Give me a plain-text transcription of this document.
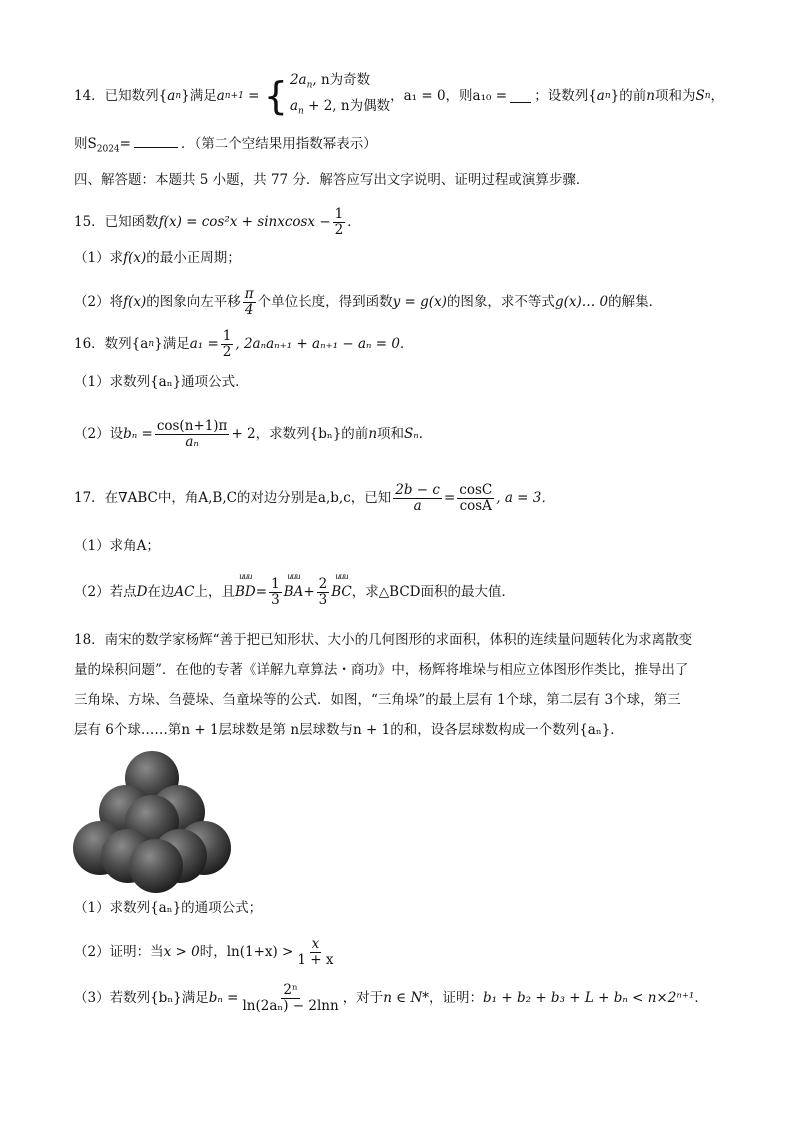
14．已知数列{ a n }满足 a n+1 = { $2a_n$, n为奇数
$a_n + 2$, n为偶数
，a₁ = 0，则a₁₀ = ；设数列{ a n }的前 n 项和为 S n ，
则$S_{2024}=$	．（第二个空结果用指数幂表示）
四、解答题：本题共 5 小题，共 77 分．解答应写出文字说明、证明过程或演算步骤．
15．已知函数 f(x) = cos²x + sinxcosx − $\frac{1}{2}$ ．
（1）求f(x)的最小正周期；
（2）将 f(x) 的图象向左平移 $\frac{\pi}{4}$ 个单位长度，得到函数 y = g(x) 的图象，求不等式 g(x)… 0 的解集．
16．数列{a n }满足 $a_1 = \frac{1}{2}$ , 2aₙaₙ₊₁ + aₙ₊₁ − aₙ = 0 ．
（1）求数列{aₙ}通项公式．
（2）设 $b_n = \frac{\cos(n+1)\pi}{\text{aₙ}} + 2$ ，求数列{bₙ}的前 n 项和 Sₙ ．
17．在∇ABC中，角A,B,C的对边分别是a,b,c，已知 $\frac{2b - c}{a} = \frac{\cos C}{\cos A}$ , a = 3．
（1）求角A；
（2）若点 D 在边 AC 上，且
uuu
BD = $\frac{1}{3}$ uuu
BA + $\frac{2}{3}$ uuu
BC ，求△BCD面积的最大值．
18．南宋的数学家杨辉“善于把已知形状、大小的几何图形的求面积，体积的连续量问题转化为求离散变
量的垛积问题”．在他的专著《详解九章算法・商功》中，杨辉将堆垛与相应立体图形作类比，推导出了
三角垛、方垛、刍甍垛、刍童垛等的公式．如图，“三角垛”的最上层有 1个球，第二层有 3个球，第三
层有 6个球……第n + 1层球数是第 n层球数与n + 1的和，设各层球数构成一个数列{aₙ}．
（1）求数列{aₙ}的通项公式；
（2）证明：当 x > 0 时， $\ln(1+x) > \frac{x}{1 + x}$
（3）若数列{bₙ}满足 $b_n = \frac{\text{2ⁿ}}{\text{ln(2aₙ) − 2lnn}}$ ，对于 n ∈ N* ，证明： b₁ + b₂ + b₃ + L + bₙ < n×2ⁿ⁺¹ ．
